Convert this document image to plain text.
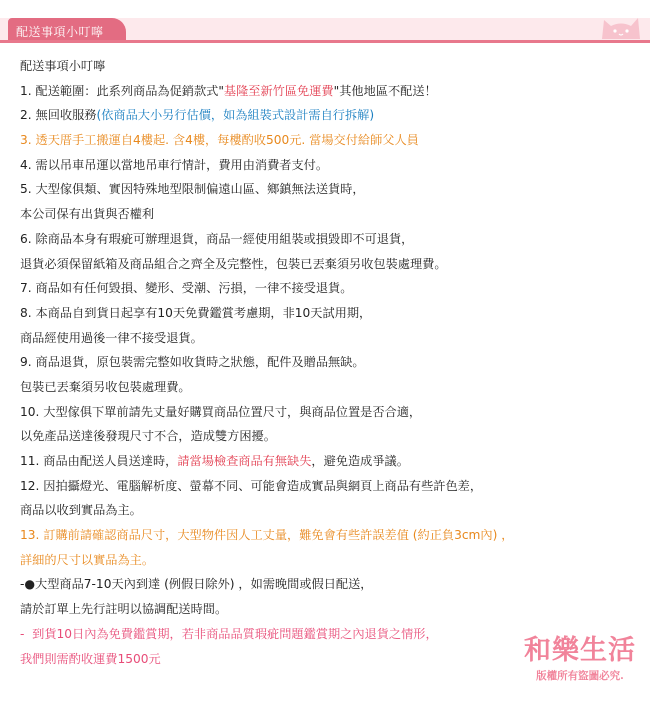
配送事項小叮嚀
配送事項小叮嚀
1. 配送範圍：此系列商品為促銷款式"基隆至新竹區免運費"其他地區不配送！
2. 無回收服務(依商品大小另行估價，如為組裝式設計需自行拆解)
3. 透天厝手工搬運自4樓起. 含4樓，每樓酌收500元. 當場交付給師父人員
4. 需以吊車吊運以當地吊車行情計，費用由消費者支付。
5. 大型傢俱類、實因特殊地型限制偏遠山區、鄉鎮無法送貨時，
本公司保有出貨與否權利
6. 除商品本身有瑕疵可辦理退貨，商品一經使用組裝或損毀即不可退貨，
退貨必須保留紙箱及商品組合之齊全及完整性，包裝已丟棄須另收包裝處理費。
7. 商品如有任何毀損、變形、受潮、污損，一律不接受退貨。
8. 本商品自到貨日起享有10天免費鑑賞考慮期，非10天試用期，
商品經使用過後一律不接受退貨。
9. 商品退貨，原包裝需完整如收貨時之狀態，配件及贈品無缺。
包裝已丟棄須另收包裝處理費。
10. 大型傢俱下單前請先丈量好購買商品位置尺寸，與商品位置是否合適，
以免產品送達後發現尺寸不合，造成雙方困擾。
11. 商品由配送人員送達時，請當場檢查商品有無缺失，避免造成爭議。
12. 因拍攝燈光、電腦解析度、螢幕不同、可能會造成實品與網頁上商品有些許色差，
商品以收到實品為主。
13. 訂購前請確認商品尺寸，大型物件因人工丈量，難免會有些許誤差值 (約正負3cm內) ，
詳細的尺寸以實品為主。
-●大型商品7-10天內到達 (例假日除外) ，如需晚間或假日配送，
請於訂單上先行註明以協調配送時間。
-  到貨10日內為免費鑑賞期，若非商品品質瑕疵問題鑑賞期之內退貨之情形，
我們則需酌收運費1500元	和樂生活
版權所有盜圖必究.
